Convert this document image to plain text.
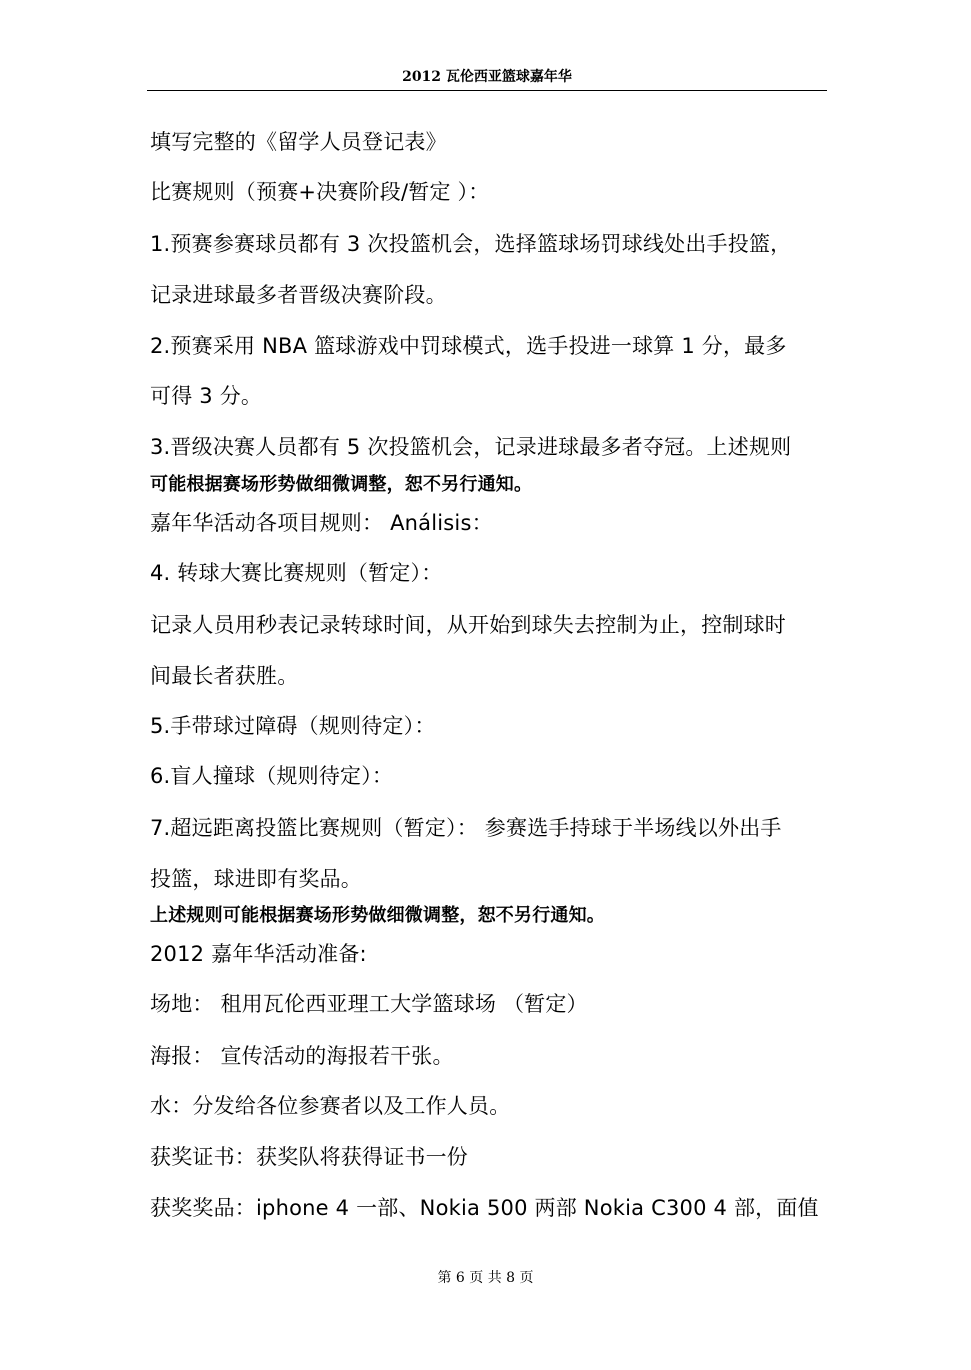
2012 瓦伦西亚篮球嘉年华
填写完整的《留学人员登记表》
比赛规则（预赛+决赛阶段/暂定 ）：
1.预赛参赛球员都有 3 次投篮机会，选择篮球场罚球线处出手投篮，
记录进球最多者晋级决赛阶段。
2.预赛采用 NBA 篮球游戏中罚球模式，选手投进一球算 1 分，最多
可得 3 分。
3.晋级决赛人员都有 5 次投篮机会，记录进球最多者夺冠。上述规则
可能根据赛场形势做细微调整，恕不另行通知。
嘉年华活动各项目规则： Análisis：
4. 转球大赛比赛规则（暂定）：
记录人员用秒表记录转球时间，从开始到球失去控制为止，控制球时
间最长者获胜。
5.手带球过障碍（规则待定）：
6.盲人撞球（规则待定）：
7.超远距离投篮比赛规则（暂定）： 参赛选手持球于半场线以外出手
投篮，球进即有奖品。
上述规则可能根据赛场形势做细微调整，恕不另行通知。
2012 嘉年华活动准备:
场地： 租用瓦伦西亚理工大学篮球场 （暂定）
海报： 宣传活动的海报若干张。
水：分发给各位参赛者以及工作人员。
获奖证书：获奖队将获得证书一份
获奖奖品：iphone 4 一部、Nokia 500 两部 Nokia C300 4 部，面值
第 6 页 共 8 页
